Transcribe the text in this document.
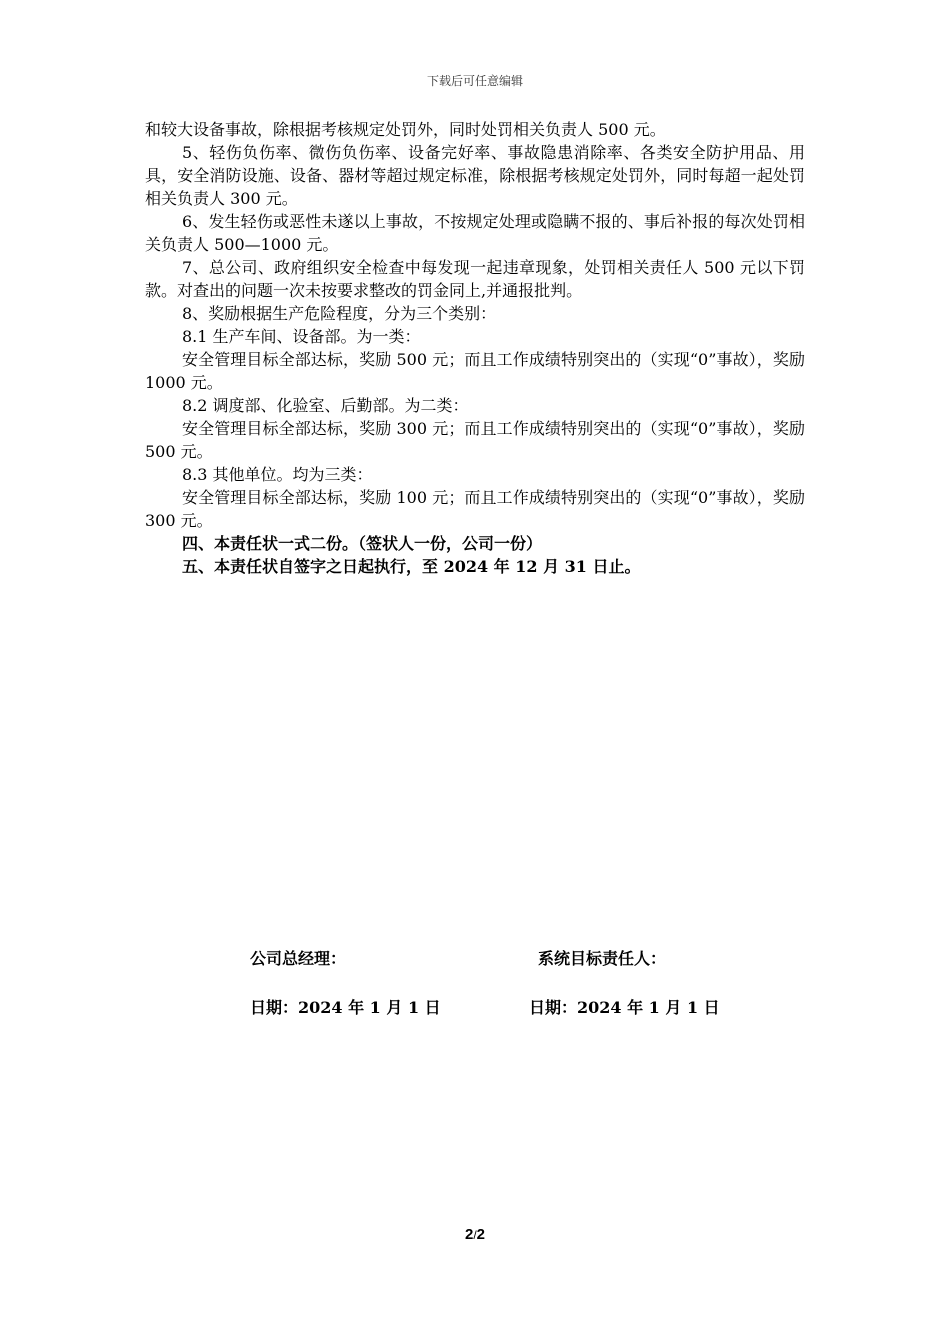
下载后可任意编辑

和较大设备事故，除根据考核规定处罚外，同时处罚相关负责人 500 元。

5、轻伤负伤率、微伤负伤率、设备完好率、事故隐患消除率、各类安全防护用品、用具，安全消防设施、设备、器材等超过规定标准，除根据考核规定处罚外，同时每超一起处罚相关负责人 300 元。

6、发生轻伤或恶性未遂以上事故，不按规定处理或隐瞒不报的、事后补报的每次处罚相关负责人 500—1000 元。

7、总公司、政府组织安全检查中每发现一起违章现象，处罚相关责任人 500 元以下罚款。对查出的问题一次未按要求整改的罚金同上,并通报批判。

8、奖励根据生产危险程度，分为三个类别：

8.1 生产车间、设备部。为一类：

安全管理目标全部达标，奖励 500 元；而且工作成绩特别突出的（实现“0”事故），奖励 1000 元。

8.2 调度部、化验室、后勤部。为二类：

安全管理目标全部达标，奖励 300 元；而且工作成绩特别突出的（实现“0”事故），奖励 500 元。

8.3 其他单位。均为三类：

安全管理目标全部达标，奖励 100 元；而且工作成绩特别突出的（实现“0”事故），奖励 300 元。

四、本责任状一式二份。（签状人一份，公司一份）

五、本责任状自签字之日起执行，至 2024 年 12 月 31 日止。

公司总经理：	系统目标责任人：
日期：2024 年 1 月 1 日	日期：2024 年 1 月 1 日
2/2
